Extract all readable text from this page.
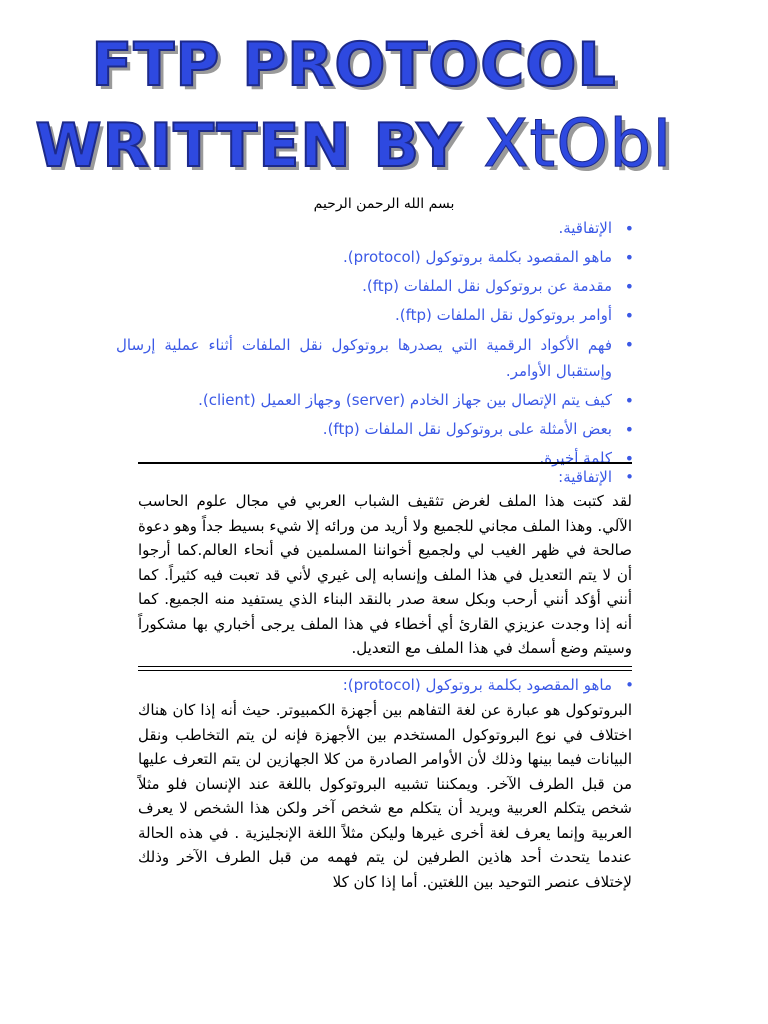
FTP PROTOCOL
WRITTEN BY XtObI
بسم الله الرحمن الرحيم
• الإتفاقية.
• ماهو المقصود بكلمة بروتوكول (protocol).
• مقدمة عن بروتوكول نقل الملفات (ftp).
• أوامر بروتوكول نقل الملفات (ftp).
• فهم الأكواد الرقمية التي يصدرها بروتوكول نقل الملفات أثناء عملية إرسال وإستقبال الأوامر.
• كيف يتم الإتصال بين جهاز الخادم (server) وجهاز العميل (client).
• بعض الأمثلة على بروتوكول نقل الملفات (ftp).
• كلمة أخيرة.
• الإتفاقية:

لقد كتبت هذا الملف لغرض تثقيف الشباب العربي في مجال علوم الحاسب الآلي. وهذا الملف مجاني للجميع ولا أريد من ورائه إلا شيء بسيط جداً وهو دعوة صالحة في ظهر الغيب لي ولجميع أخواننا المسلمين في أنحاء العالم.كما أرجوا أن لا يتم التعديل في هذا الملف وإنسابه إلى غيري لأني قد تعبت فيه كثيراً. كما أنني أؤكد أنني أرحب وبكل سعة صدر بالنقد البناء الذي يستفيد منه الجميع. كما أنه إذا وجدت عزيزي القارئ أي أخطاء في هذا الملف يرجى أخباري بها مشكوراً وسيتم وضع أسمك في هذا الملف مع التعديل.

• ماهو المقصود بكلمة بروتوكول (protocol):

البروتوكول هو عبارة عن لغة التفاهم بين أجهزة الكمبيوتر. حيث أنه إذا كان هناك اختلاف في نوع البروتوكول المستخدم بين الأجهزة فإنه لن يتم التخاطب ونقل البيانات فيما بينها وذلك لأن الأوامر الصادرة من كلا الجهازين لن يتم التعرف عليها من قبل الطرف الآخر. ويمكننا تشبيه البروتوكول باللغة عند الإنسان فلو مثلاً شخص يتكلم العربية ويريد أن يتكلم مع شخص آخر ولكن هذا الشخص لا يعرف العربية وإنما يعرف لغة أخرى غيرها وليكن مثلاً اللغة الإنجليزية . في هذه الحالة عندما يتحدث أحد هاذين الطرفين لن يتم فهمه من قبل الطرف الآخر وذلك لإختلاف عنصر التوحيد بين اللغتين. أما إذا كان كلا
